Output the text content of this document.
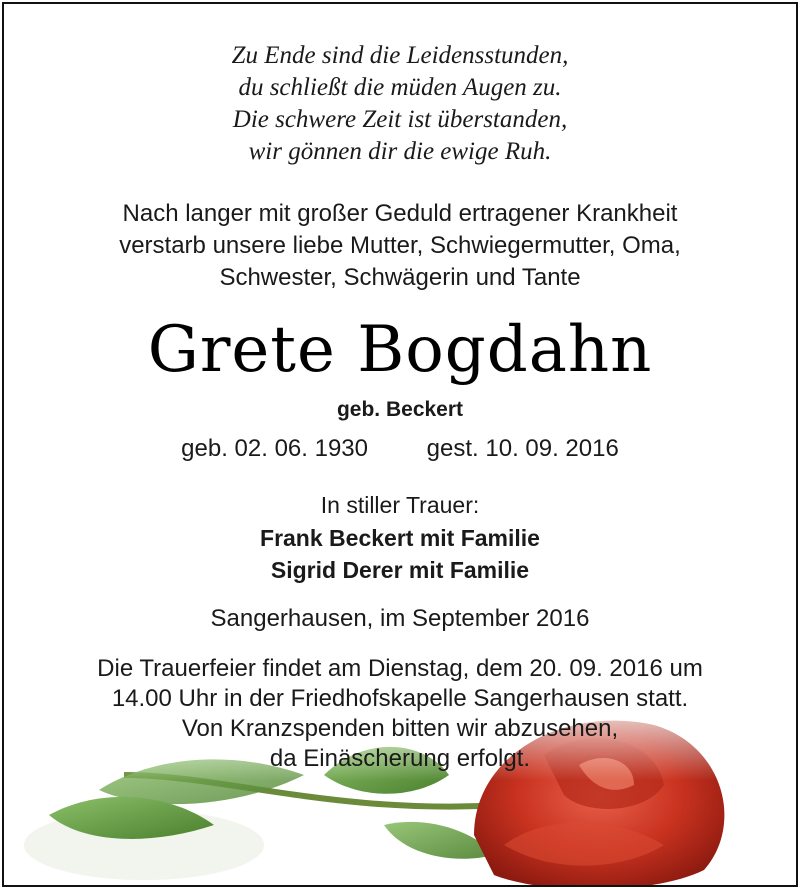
Zu Ende sind die Leidensstunden,
du schließt die müden Augen zu.
Die schwere Zeit ist überstanden,
wir gönnen dir die ewige Ruh.
Nach langer mit großer Geduld ertragener Krankheit
verstarb unsere liebe Mutter, Schwiegermutter, Oma,
Schwester, Schwägerin und Tante
Grete Bogdahn
geb. Beckert
geb. 02. 06. 1930 gest. 10. 09. 2016
In stiller Trauer:
Frank Beckert mit Familie
Sigrid Derer mit Familie
Sangerhausen, im September 2016
Die Trauerfeier findet am Dienstag, dem 20. 09. 2016 um
14.00 Uhr in der Friedhofskapelle Sangerhausen statt.
Von Kranzspenden bitten wir abzusehen,
da Einäscherung erfolgt.
